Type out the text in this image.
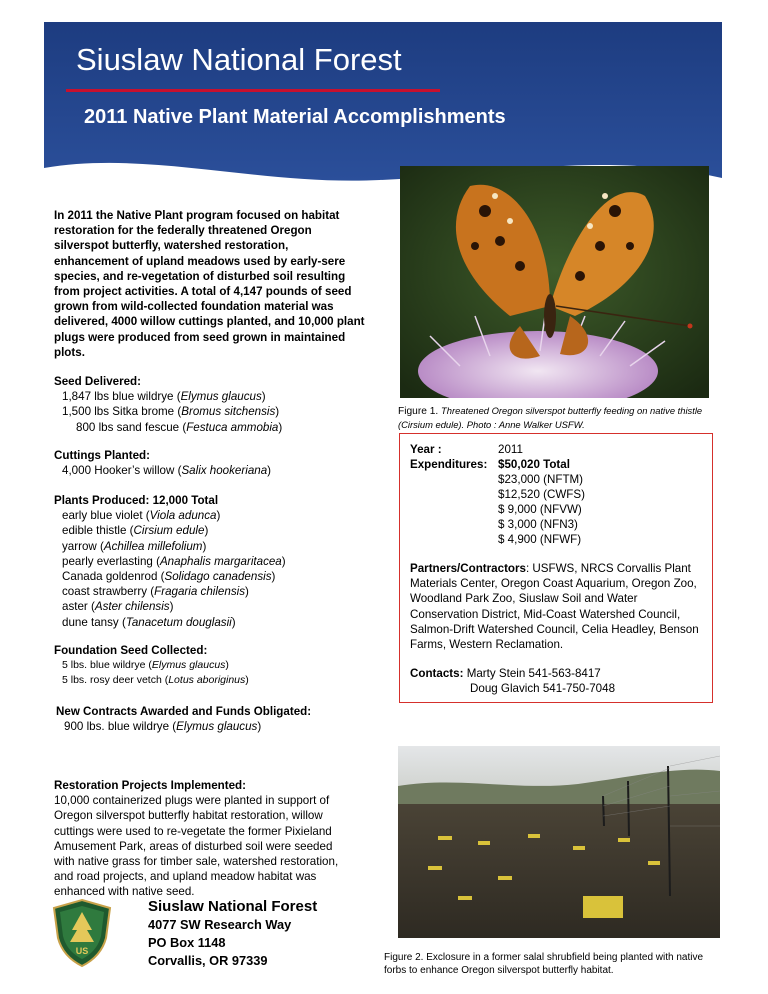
Siuslaw National Forest
2011 Native Plant Material Accomplishments
In 2011 the Native Plant program focused on habitat restoration for the federally threatened Oregon silverspot butterfly, watershed restoration, enhancement of upland meadows used by early-sere species, and re-vegetation of disturbed soil resulting from project activities. A total of 4,147 pounds of seed grown from wild-collected foundation material was delivered, 4000 willow cuttings planted, and 10,000 plant plugs were produced from seed grown in maintained plots.
Seed Delivered:
1,847 lbs blue wildrye (Elymus glaucus)
1,500 lbs Sitka brome (Bromus sitchensis)
800 lbs sand fescue (Festuca ammobia)
Cuttings Planted:
4,000 Hooker’s willow (Salix hookeriana)
Plants Produced: 12,000 Total
early blue violet (Viola adunca)
edible thistle (Cirsium edule)
yarrow (Achillea millefolium)
pearly everlasting (Anaphalis margaritacea)
Canada goldenrod (Solidago canadensis)
coast strawberry (Fragaria chilensis)
aster (Aster chilensis)
dune tansy (Tanacetum douglasii)
Foundation Seed Collected:
5 lbs. blue wildrye (Elymus glaucus)
5 lbs. rosy deer vetch (Lotus aboriginus)
New Contracts Awarded and Funds Obligated:
900 lbs. blue wildrye (Elymus glaucus)
Restoration Projects Implemented:
10,000 containerized plugs were planted in support of Oregon silverspot butterfly habitat restoration, willow cuttings were used to re-vegetate the former Pixieland Amusement Park, areas of disturbed soil were seeded with native grass for timber sale, watershed restoration, and road projects, and upland meadow habitat was enhanced with native seed.
Figure 1. Threatened Oregon silverspot butterfly feeding on native thistle (Cirsium edule). Photo : Anne Walker USFW.
Year :	2011
Expenditures: $50,020 Total
$23,000 (NFTM)
$12,520 (CWFS)
$ 9,000 (NFVW)
$ 3,000 (NFN3)
$ 4,900 (NFWF)
Partners/Contractors: USFWS, NRCS Corvallis Plant Materials Center, Oregon Coast Aquarium, Oregon Zoo, Woodland Park Zoo, Siuslaw Soil and Water Conservation District, Mid-Coast Watershed Council, Salmon-Drift Watershed Council, Celia Headley, Benson Farms, Western Reclamation.
Contacts: Marty Stein 541-563-8417
Doug Glavich 541-750-7048
Figure 2. Exclosure in a former salal shrubfield being planted with native forbs to enhance Oregon silverspot butterfly habitat.
US
Siuslaw National Forest
4077 SW Research Way
PO Box 1148
Corvallis, OR 97339
